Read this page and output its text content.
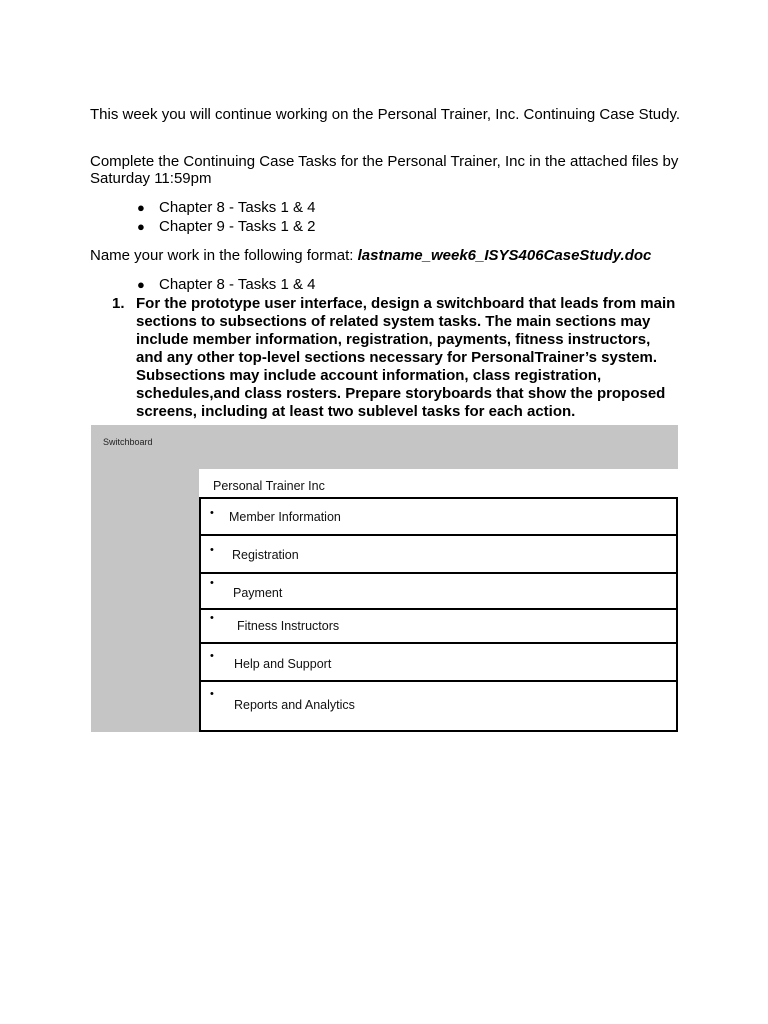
This week you will continue working on the Personal Trainer, Inc. Continuing Case Study.

Complete the Continuing Case Tasks for the Personal Trainer, Inc in the attached files by Saturday 11:59pm

● Chapter 8 - Tasks 1 & 4
● Chapter 9 - Tasks 1 & 2

Name your work in the following format: lastname_week6_ISYS406CaseStudy.doc

● Chapter 8 - Tasks 1 & 4
1. For the prototype user interface, design a switchboard that leads from main sections to subsections of related system tasks. The main sections may include member information, registration, payments, fitness instructors, and any other top-level sections necessary for PersonalTrainer’s system. Subsections may include account information, class registration, schedules,and class rosters. Prepare storyboards that show the proposed screens, including at least two sublevel tasks for each action.
Switchboard
Personal Trainer Inc
• Member Information
• Registration
•
Payment
•
Fitness Instructors
•
Help and Support
•
Reports and Analytics
